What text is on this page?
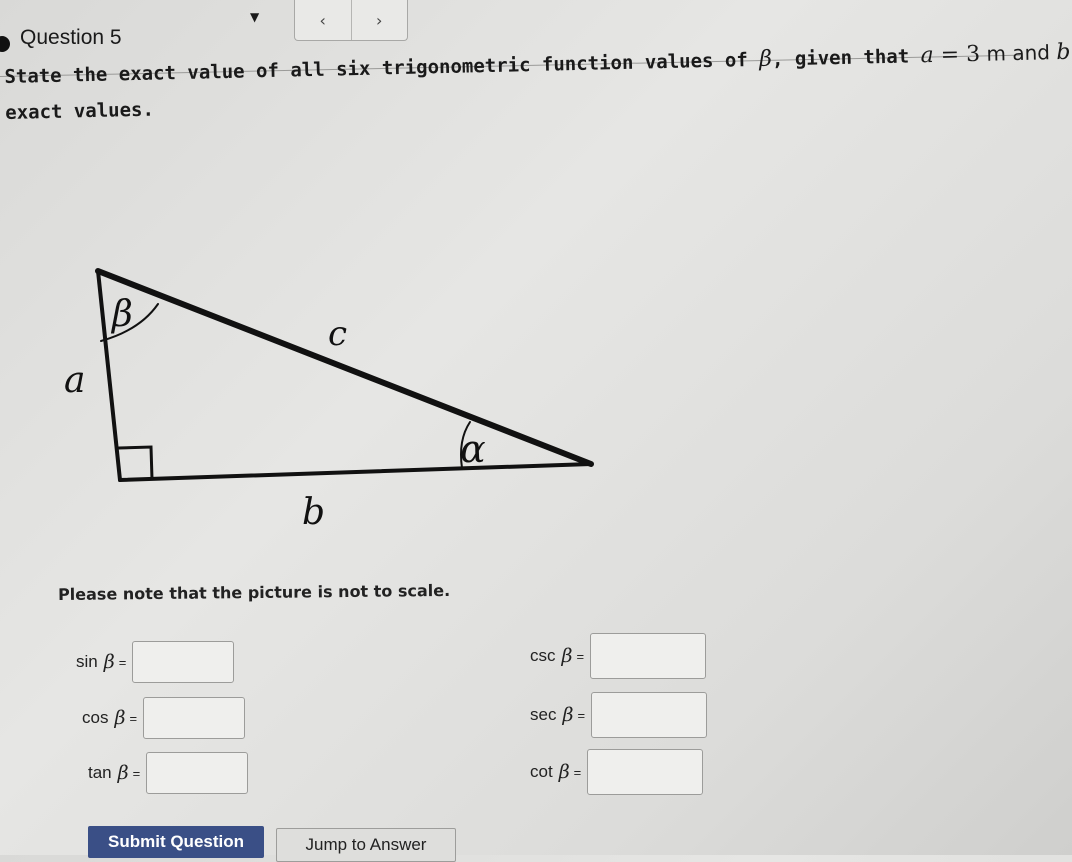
Question 5
▼	‹	›
State the exact value of all six trigonometric function values of β, given that a = 3 m and b
exact values.
β
a
c
α
b
Please note that the picture is not to scale.
sin β =
cos β =
tan β =
csc β =
sec β =
cot β =
Submit Question	Jump to Answer
